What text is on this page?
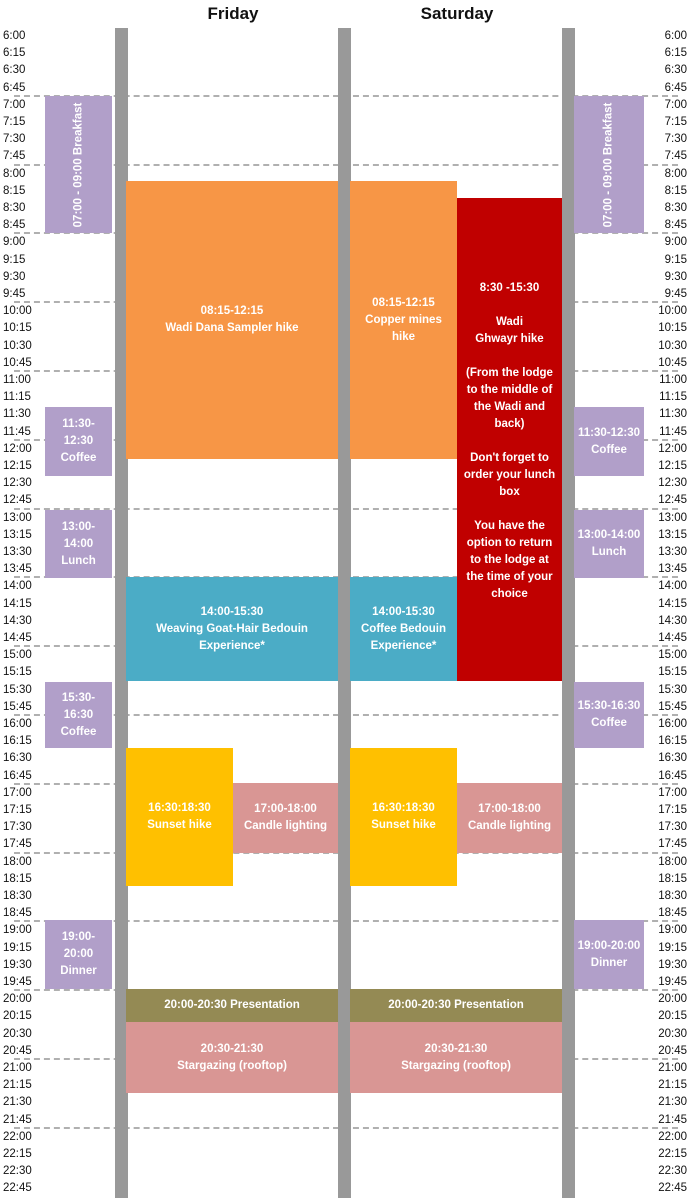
Friday	Saturday
6:00
6:15
6:30
6:45
7:00
7:15
7:30
7:45
8:00
8:15
8:30
8:45
9:00
9:15
9:30
9:45
10:00
10:15
10:30
10:45
11:00
11:15
11:30
11:45
12:00
12:15
12:30
12:45
13:00
13:15
13:30
13:45
14:00
14:15
14:30
14:45
15:00
15:15
15:30
15:45
16:00
16:15
16:30
16:45
17:00
17:15
17:30
17:45
18:00
18:15
18:30
18:45
19:00
19:15
19:30
19:45
20:00
20:15
20:30
20:45
21:00
21:15
21:30
21:45
22:00
22:15
22:30
22:45
6:00
6:15
6:30
6:45
7:00
7:15
7:30
7:45
8:00
8:15
8:30
8:45
9:00
9:15
9:30
9:45
10:00
10:15
10:30
10:45
11:00
11:15
11:30
11:45
12:00
12:15
12:30
12:45
13:00
13:15
13:30
13:45
14:00
14:15
14:30
14:45
15:00
15:15
15:30
15:45
16:00
16:15
16:30
16:45
17:00
17:15
17:30
17:45
18:00
18:15
18:30
18:45
19:00
19:15
19:30
19:45
20:00
20:15
20:30
20:45
21:00
21:15
21:30
21:45
22:00
22:15
22:30
22:45
07:00 - 09:00 Breakfast
11:30-12:30
Coffee
13:00-14:00
Lunch
15:30-16:30
Coffee
19:00-20:00
Dinner
07:00 - 09:00 Breakfast
11:30-12:30
Coffee
13:00-14:00
Lunch
15:30-16:30
Coffee
19:00-20:00
Dinner
08:15-12:15
Wadi Dana Sampler hike
14:00-15:30
Weaving Goat-Hair Bedouin Experience*
16:30:18:30
Sunset hike
17:00-18:00
Candle lighting
20:00-20:30 Presentation
20:30-21:30
Stargazing (rooftop)
08:15-12:15
Copper mines hike
8:30 -15:30
Wadi
Ghwayr hike
(From the lodge to the middle of the Wadi and back)
Don't forget to order your lunch box
You have the option to return to the lodge at the time of your choice
14:00-15:30
Coffee Bedouin Experience*
16:30:18:30
Sunset hike
17:00-18:00
Candle lighting
20:00-20:30 Presentation
20:30-21:30
Stargazing (rooftop)
